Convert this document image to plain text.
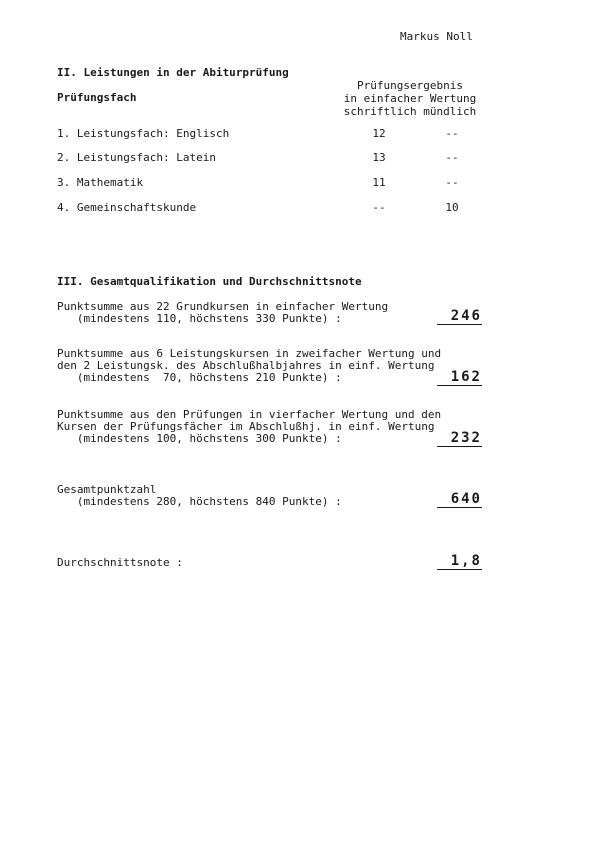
Markus Noll
II. Leistungen in der Abiturprüfung
Prüfungsfach
Prüfungsergebnis
in einfacher Wertung
schriftlich mündlich
1. Leistungsfach: Englisch	12	--
2. Leistungsfach: Latein	13	--
3. Mathematik	11	--
4. Gemeinschaftskunde	--	10
III. Gesamtqualifikation und Durchschnittsnote
Punktsumme aus 22 Grundkursen in einfacher Wertung
(mindestens 110, höchstens 330 Punkte) :	246
Punktsumme aus 6 Leistungskursen in zweifacher Wertung und
den 2 Leistungsk. des Abschlußhalbjahres in einf. Wertung
(mindestens  70, höchstens 210 Punkte) :	162
Punktsumme aus den Prüfungen in vierfacher Wertung und den
Kursen der Prüfungsfächer im Abschlußhj. in einf. Wertung
(mindestens 100, höchstens 300 Punkte) :	232
Gesamtpunktzahl
(mindestens 280, höchstens 840 Punkte) :	640
Durchschnittsnote :	1,8
